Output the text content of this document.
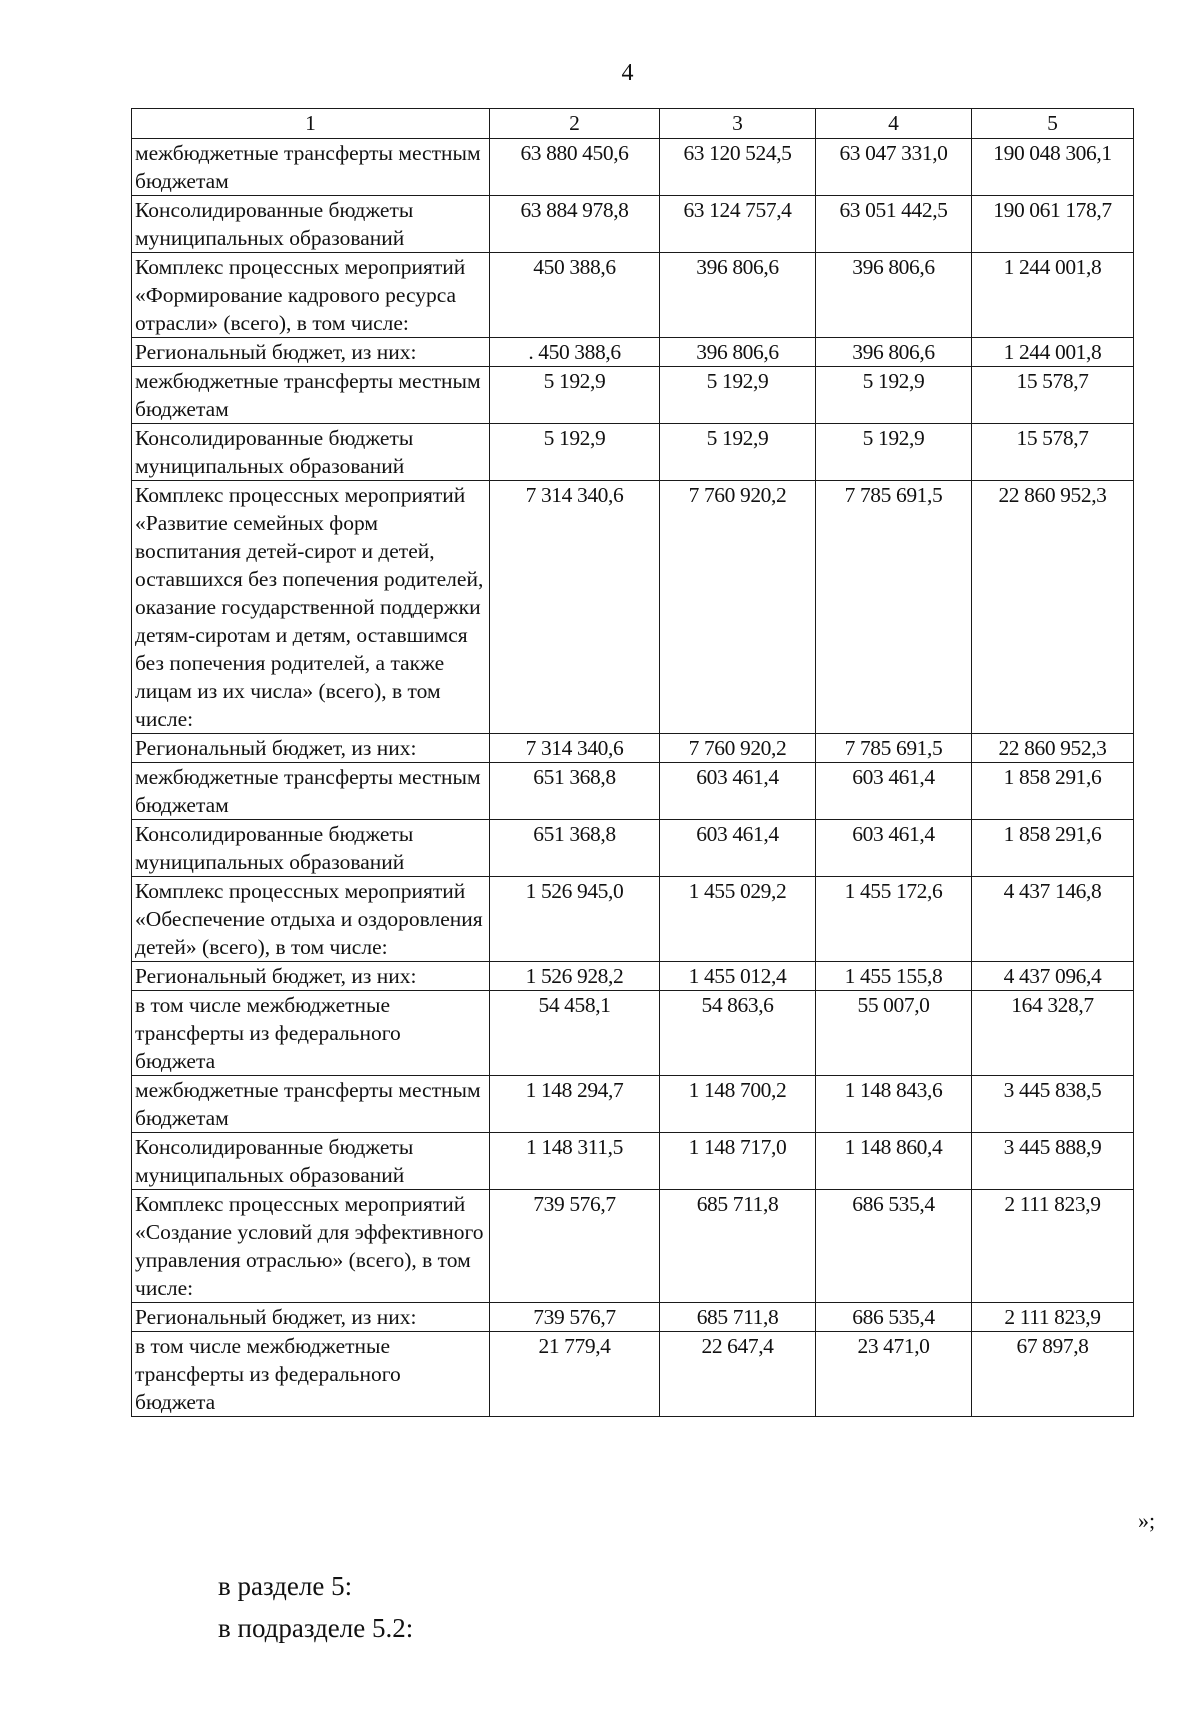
4
1	2	3	4	5
межбюджетные трансферты местным бюджетам	63 880 450,6	63 120 524,5	63 047 331,0	190 048 306,1
Консолидированные бюджеты муниципальных образований	63 884 978,8	63 124 757,4	63 051 442,5	190 061 178,7
Комплекс процессных мероприятий «Формирование кадрового ресурса отрасли» (всего), в том числе:	450 388,6	396 806,6	396 806,6	1 244 001,8
Региональный бюджет, из них:	. 450 388,6	396 806,6	396 806,6	1 244 001,8
межбюджетные трансферты местным бюджетам	5 192,9	5 192,9	5 192,9	15 578,7
Консолидированные бюджеты муниципальных образований	5 192,9	5 192,9	5 192,9	15 578,7
Комплекс процессных мероприятий «Развитие семейных форм воспитания детей-сирот и детей, оставшихся без попечения родителей, оказание государственной поддержки детям-сиротам и детям, оставшимся без попечения родителей, а также лицам из их числа» (всего), в том числе:	7 314 340,6	7 760 920,2	7 785 691,5	22 860 952,3
Региональный бюджет, из них:	7 314 340,6	7 760 920,2	7 785 691,5	22 860 952,3
межбюджетные трансферты местным бюджетам	651 368,8	603 461,4	603 461,4	1 858 291,6
Консолидированные бюджеты муниципальных образований	651 368,8	603 461,4	603 461,4	1 858 291,6
Комплекс процессных мероприятий «Обеспечение отдыха и оздоровления детей» (всего), в том числе:	1 526 945,0	1 455 029,2	1 455 172,6	4 437 146,8
Региональный бюджет, из них:	1 526 928,2	1 455 012,4	1 455 155,8	4 437 096,4
в том числе межбюджетные трансферты из федерального бюджета	54 458,1	54 863,6	55 007,0	164 328,7
межбюджетные трансферты местным бюджетам	1 148 294,7	1 148 700,2	1 148 843,6	3 445 838,5
Консолидированные бюджеты муниципальных образований	1 148 311,5	1 148 717,0	1 148 860,4	3 445 888,9
Комплекс процессных мероприятий «Создание условий для эффективного управления отраслью» (всего), в том числе:	739 576,7	685 711,8	686 535,4	2 111 823,9
Региональный бюджет, из них:	739 576,7	685 711,8	686 535,4	2 111 823,9
в том числе межбюджетные трансферты из федерального бюджета	21 779,4	22 647,4	23 471,0	67 897,8
»;
в разделе 5:
в подразделе 5.2:
